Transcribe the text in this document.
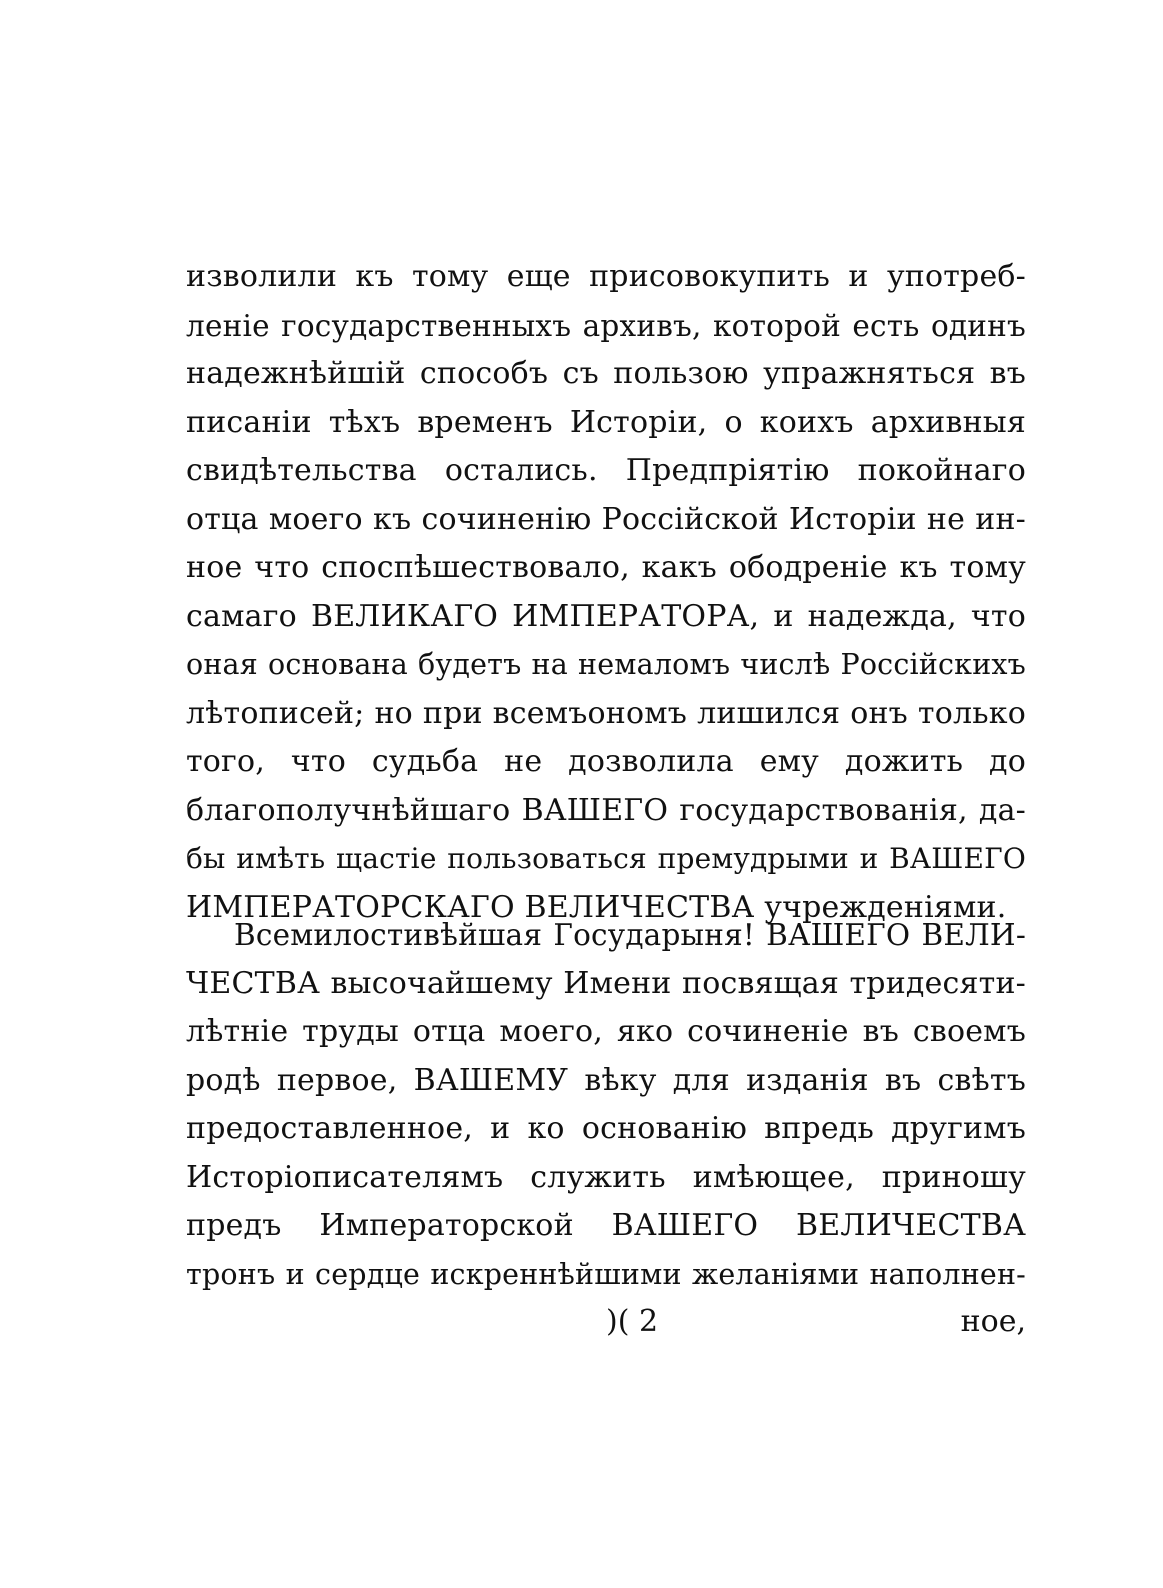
изволили къ тому еще присовокупить и употреб-
ленiе государственныхъ архивъ, которой есть одинъ
надежнѣйшiй способъ съ пользою упражняться въ
писанiи тѣхъ временъ Исторiи, о коихъ архивныя
свидѣтельства остались. Предпрiятiю покойнаго
отца моего къ сочиненiю Россiйской Исторiи не ин-
ное что споспѣшествовало, какъ ободренiе къ тому
самаго ВЕЛИКАГО ИМПЕРАТОРА, и надежда, что
оная основана будетъ на немаломъ числѣ Россiйскихъ
лѣтописей; но при всемъономъ лишился онъ только
того, что судьба не дозволила ему дожить до
благополучнѣйшаго ВАШЕГО государствованiя, да-
бы имѣть щастiе пользоваться премудрыми и ВАШЕГО
ИМПЕРАТОРСКАГО ВЕЛИЧЕСТВА учрежденiями.
Всемилостивѣйшая Государыня! ВАШЕГО ВЕЛИ-
ЧЕСТВА высочайшему Имени посвящая тридесяти-
лѣтнiе труды отца моего, яко сочиненiе въ своемъ
родѣ первое, ВАШЕМУ вѣку для изданiя въ свѣтъ
предоставленное, и ко основанiю впредь другимъ
Исторiописателямъ служить имѣющее, приношу
предъ Императорской ВАШЕГО ВЕЛИЧЕСТВА
тронъ и сердце искреннѣйшими желанiями наполнен-
)( 2	ное,
